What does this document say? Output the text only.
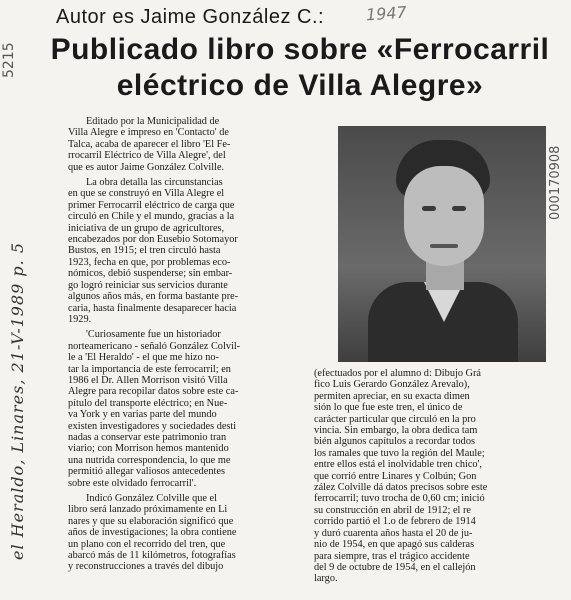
Autor es Jaime González C.:	1947
Publicado libro sobre «Ferrocarril
eléctrico de Villa Alegre»
5215
el Heraldo, Linares, 21-V-1989 p. 5
000170908
Editado por la Municipalidad de
Villa Alegre e impreso en 'Contacto' de
Talca, acaba de aparecer el libro 'El Fe-
rrocarril Eléctrico de Villa Alegre', del
que es autor Jaime González Colville.
La obra detalla las circunstancias
en que se construyó en Villa Alegre el
primer Ferrocarril eléctrico de carga que
circuló en Chile y el mundo, gracias a la
iniciativa de un grupo de agricultores,
encabezados por don Eusebio Sotomayor
Bustos, en 1915; el tren circuló hasta
1923, fecha en que, por problemas eco-
nómicos, debió suspenderse; sin embar-
go logró reiniciar sus servicios durante
algunos años más, en forma bastante pre-
caria, hasta finalmente desaparecer hacia
1929.
'Curiosamente fue un historiador
norteamericano - señaló González Colvil-
le a 'El Heraldo' - el que me hizo no-
tar la importancia de este ferrocarril; en
1986 el Dr. Allen Morrison visitó Villa
Alegre para recopilar datos sobre este ca-
pítulo del transporte eléctrico; en Nue-
va York y en varias parte del mundo
existen investigadores y sociedades desti
nadas a conservar este patrimonio tran
viario; con Morrison hemos mantenido
una nutrida correspondencia, lo que me
permitió allegar valiosos antecedentes
sobre este olvidado ferrocarril'.
Indicó González Colville que el
libro será lanzado próximamente en Li
nares y que su elaboración significó que
años de investigaciones; la obra contiene
un plano con el recorrido del tren, que
abarcó más de 11 kilómetros, fotografías
y reconstrucciones a través del dibujo
(efectuados por el alumno d: Dibujo Grá
fico Luis Gerardo González Arevalo),
permiten apreciar, en su exacta dimen
sión lo que fue este tren, el único de
carácter particular que circuló en la pro
vincia. Sin embargo, la obra dedica tam
bién algunos capítulos a recordar todos
los ramales que tuvo la región del Maule;
entre ellos está el inolvidable tren chico',
que corrió entre Linares y Colbún; Gon
zález Colville dá datos precisos sobre este
ferrocarril; tuvo trocha de 0,60 cm; inició
su construcción en abril de 1912; el re
corrido partió el 1.o de febrero de 1914
y duró cuarenta años hasta el 20 de ju-
nio de 1954, en que apagó sus calderas
para siempre, tras el trágico accidente
del 9 de octubre de 1954, en el callejón
largo.
